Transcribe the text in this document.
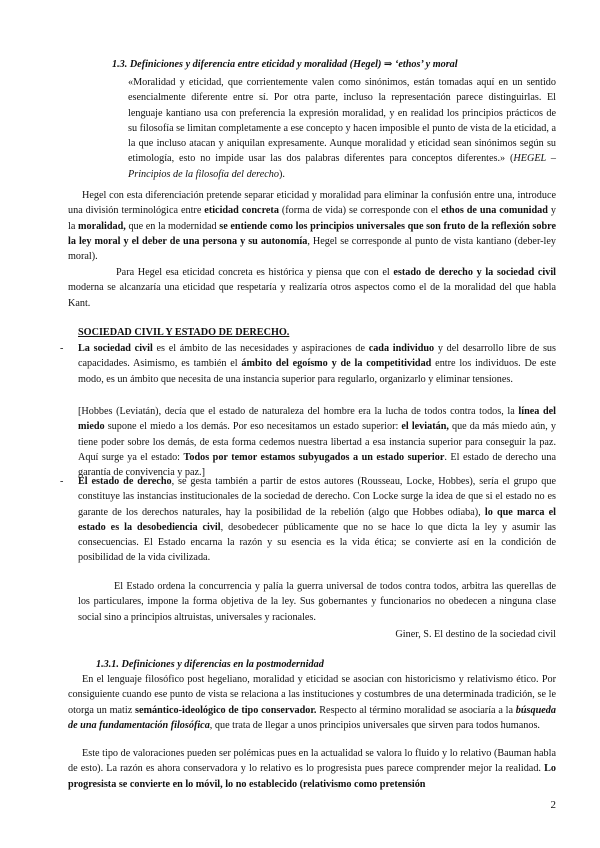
1.3. Definiciones y diferencia entre eticidad y moralidad (Hegel) ⇒ ‘ethos’ y moral

«Moralidad y eticidad, que corrientemente valen como sinónimos, están tomadas aquí en un sentido esencialmente diferente entre sí. Por otra parte, incluso la representación parece distinguirlas. El lenguaje kantiano usa con preferencia la expresión moralidad, y en realidad los principios prácticos de su filosofía se limitan completamente a ese concepto y hacen imposible el punto de vista de la eticidad, a la que incluso atacan y aniquilan expresamente. Aunque moralidad y eticidad sean sinónimos según su etimología, esto no impide usar las dos palabras diferentes para conceptos diferentes.» (HEGEL – Principios de la filosofía del derecho).

Hegel con esta diferenciación pretende separar eticidad y moralidad para eliminar la confusión entre una, introduce una división terminológica entre eticidad concreta (forma de vida) se corresponde con el ethos de una comunidad y la moralidad, que en la modernidad se entiende como los principios universales que son fruto de la reflexión sobre la ley moral y el deber de una persona y su autonomía, Hegel se corresponde al punto de vista kantiano (deber-ley moral).

Para Hegel esa eticidad concreta es histórica y piensa que con el estado de derecho y la sociedad civil moderna se alcanzaría una eticidad que respetaría y realizaría otros aspectos como el de la moralidad del que habla Kant.

SOCIEDAD CIVIL Y ESTADO DE DERECHO.

- La sociedad civil es el ámbito de las necesidades y aspiraciones de cada individuo y del desarrollo libre de sus capacidades. Asimismo, es también el ámbito del egoísmo y de la competitividad entre los individuos. De este modo, es un ámbito que necesita de una instancia superior para regularlo, organizarlo y eliminar tensiones.

[Hobbes (Leviatán), decía que el estado de naturaleza del hombre era la lucha de todos contra todos, la línea del miedo supone el miedo a los demás. Por eso necesitamos un estado superior: el leviatán, que da más miedo aún, y tiene poder sobre los demás, de esta forma cedemos nuestra libertad a esa instancia superior para conseguir la paz. Aquí surge ya el estado: Todos por temor estamos subyugados a un estado superior. El estado de derecho una garantía de convivencia y paz.]

- El estado de derecho, se gesta también a partir de estos autores (Rousseau, Locke, Hobbes), sería el grupo que constituye las instancias institucionales de la sociedad de derecho. Con Locke surge la idea de que si el estado no es garante de los derechos naturales, hay la posibilidad de la rebelión (algo que Hobbes odiaba), lo que marca el estado es la desobediencia civil, desobedecer públicamente que no se hace lo que dicta la ley y asumir las consecuencias. El Estado encarna la razón y su esencia es la vida ética; se convierte así en la condición de posibilidad de la vida civilizada.

El Estado ordena la concurrencia y palía la guerra universal de todos contra todos, arbitra las querellas de los particulares, impone la forma objetiva de la ley. Sus gobernantes y funcionarios no obedecen a ninguna clase social sino a principios altruistas, universales y racionales.

Giner, S. El destino de la sociedad civil

1.3.1. Definiciones y diferencias en la postmodernidad

En el lenguaje filosófico post hegeliano, moralidad y eticidad se asocian con historicismo y relativismo ético. Por consiguiente cuando ese punto de vista se relaciona a las instituciones y costumbres de una determinada tradición, se le otorga un matiz semántico-ideológico de tipo conservador. Respecto al término moralidad se asociaría a la búsqueda de una fundamentación filosófica, que trata de llegar a unos principios universales que sirven para todos humanos.

Este tipo de valoraciones pueden ser polémicas pues en la actualidad se valora lo fluido y lo relativo (Bauman habla de esto). La razón es ahora conservadora y lo relativo es lo progresista pues parece comprender mejor la realidad. Lo progresista se convierte en lo móvil, lo no establecido (relativismo como pretensión

2
